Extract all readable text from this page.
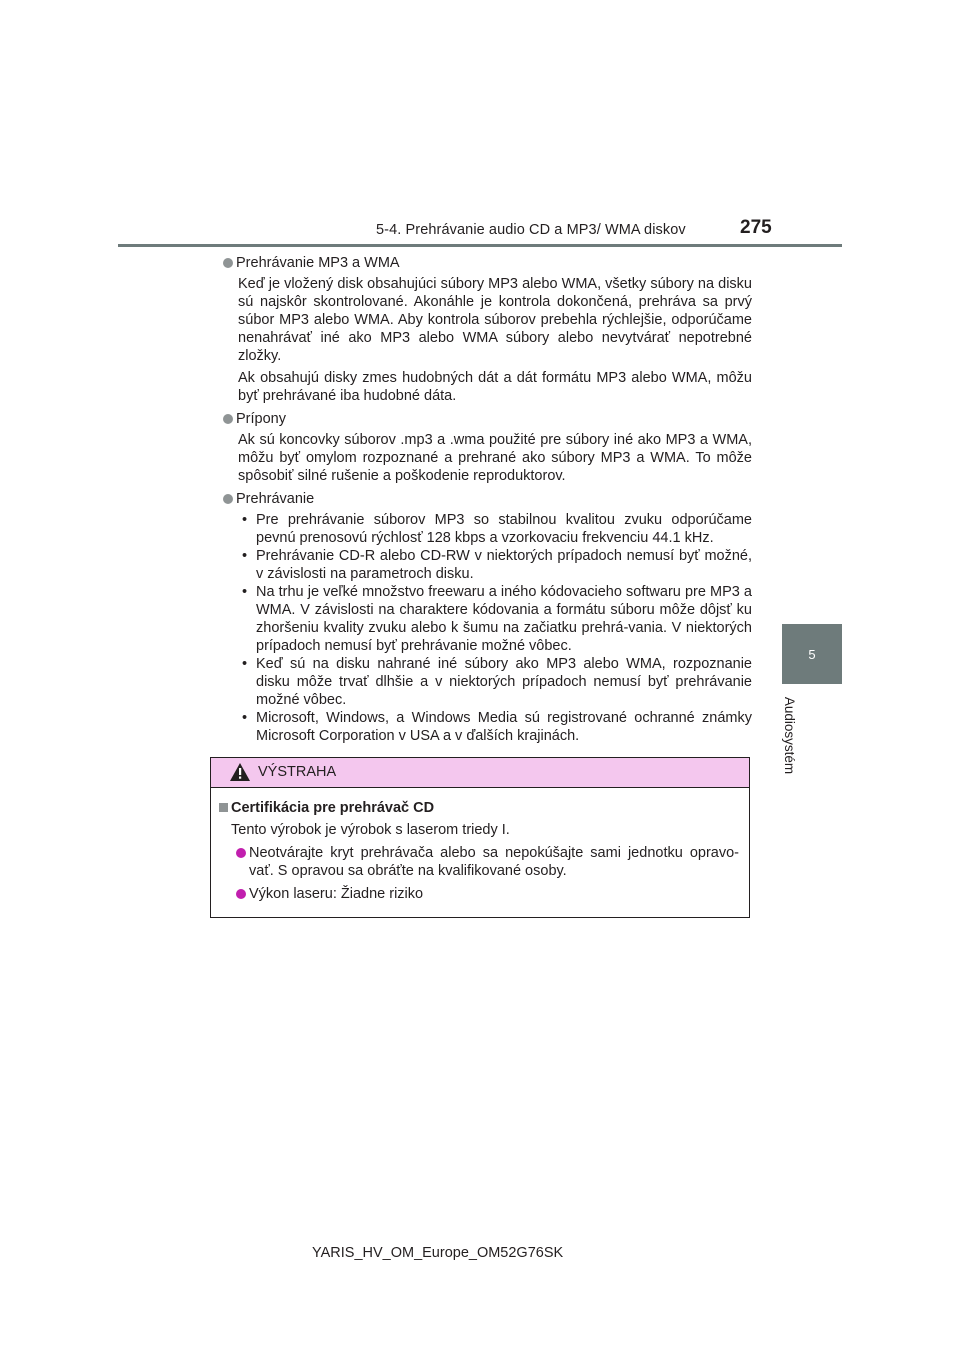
5-4. Prehrávanie audio CD a MP3/ WMA diskov	275
5
Audiosystém
Prehrávanie MP3 a WMA

Keď je vložený disk obsahujúci súbory MP3 alebo WMA, všetky súbory na disku sú najskôr skontrolované. Akonáhle je kontrola dokončená, prehráva sa prvý súbor MP3 alebo WMA. Aby kontrola súborov prebehla rýchlejšie, odporúčame nenahrávať iné ako MP3 alebo WMA súbory alebo nevytvárať nepotrebné zložky.

Ak obsahujú disky zmes hudobných dát a dát formátu MP3 alebo WMA, môžu byť prehrávané iba hudobné dáta.

Prípony

Ak sú koncovky súborov .mp3 a .wma použité pre súbory iné ako MP3 a WMA, môžu byť omylom rozpoznané a prehrané ako súbory MP3 a WMA. To môže spôsobiť silné rušenie a poškodenie reproduktorov.

Prehrávanie
• Pre prehrávanie súborov MP3 so stabilnou kvalitou zvuku odporúčame pevnú prenosovú rýchlosť 128 kbps a vzorkovaciu frekvenciu 44.1 kHz.
• Prehrávanie CD-R alebo CD-RW v niektorých prípadoch nemusí byť možné, v závislosti na parametroch disku.
• Na trhu je veľké množstvo freewaru a iného kódovacieho softwaru pre MP3 a WMA. V závislosti na charaktere kódovania a formátu súboru môže dôjsť ku zhoršeniu kvality zvuku alebo k šumu na začiatku prehrá-vania. V niektorých prípadoch nemusí byť prehrávanie možné vôbec.
• Keď sú na disku nahrané iné súbory ako MP3 alebo WMA, rozpoznanie disku môže trvať dlhšie a v niektorých prípadoch nemusí byť prehrávanie možné vôbec.
• Microsoft, Windows, a Windows Media sú registrované ochranné známky Microsoft Corporation v USA a v ďalších krajinách.
VÝSTRAHA
Certifikácia pre prehrávač CD
Tento výrobok je výrobok s laserom triedy I.
Neotvárajte kryt prehrávača alebo sa nepokúšajte sami jednotku opravo-vať. S opravou sa obráťte na kvalifikované osoby.
Výkon laseru: Žiadne riziko
YARIS_HV_OM_Europe_OM52G76SK
